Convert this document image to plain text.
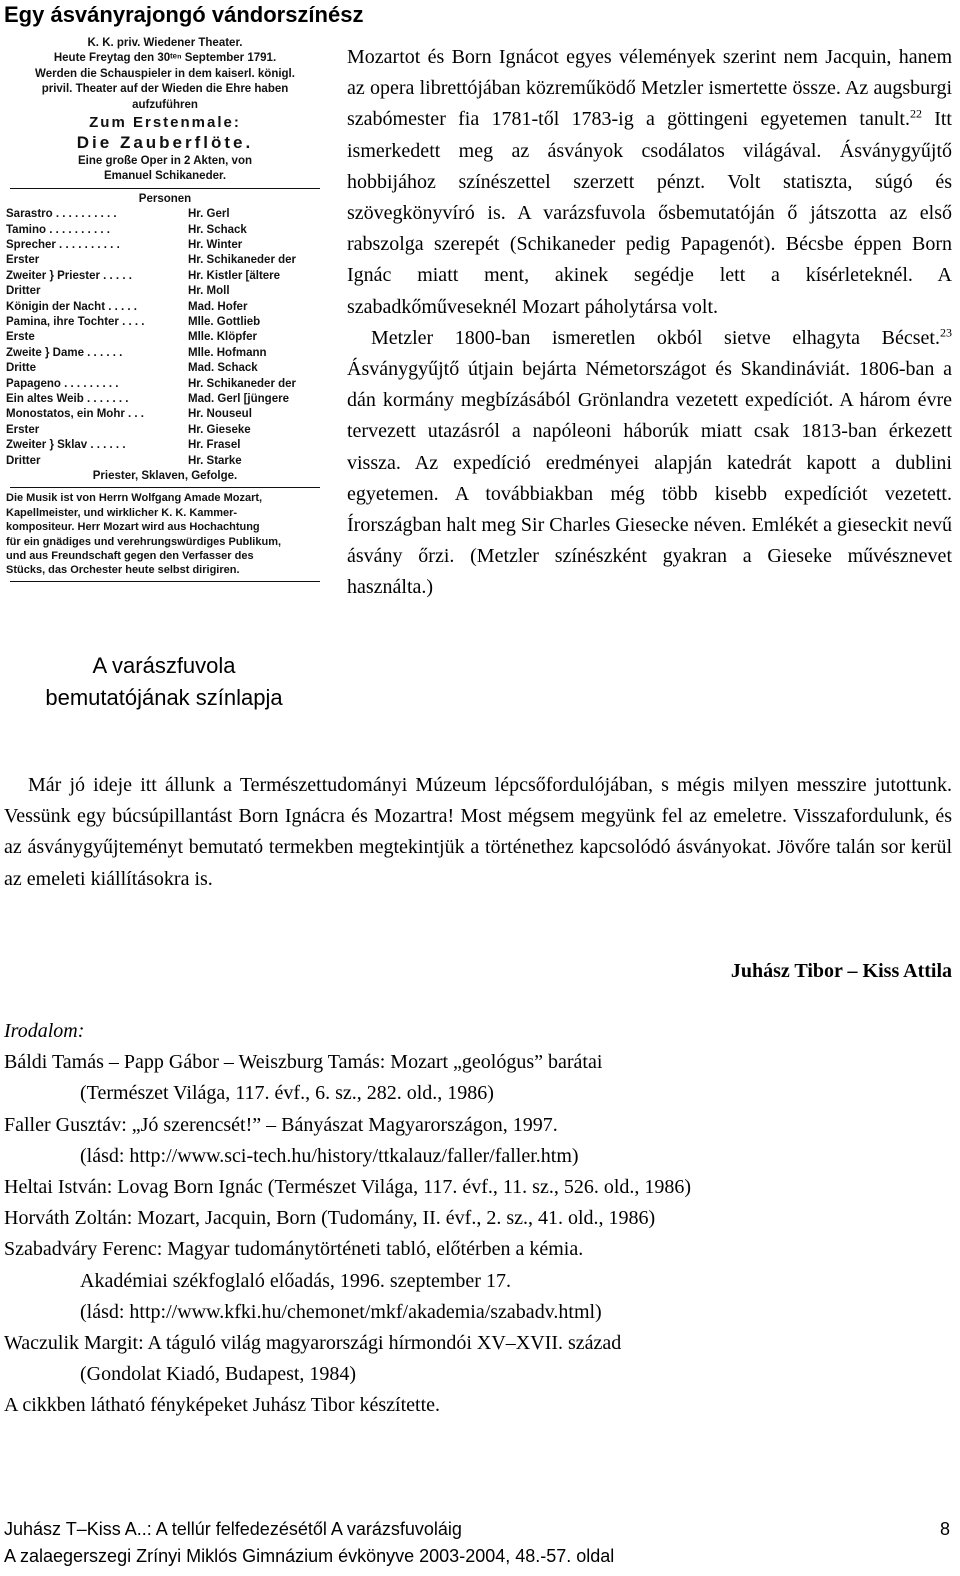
Egy ásványrajongó vándorszínész
K. K. priv. Wiedener Theater.
Heute Freytag den 30ᵗᵉⁿ September 1791.
Werden die Schauspieler in dem kaiserl. königl.
privil. Theater auf der Wieden die Ehre haben
aufzuführen
Zum Erstenmale:
Die Zauberflöte.
Eine große Oper in 2 Akten, von
Emanuel Schikaneder.
Personen
Sarastro . . . . . . . . . .	Hr. Gerl
Tamino . . . . . . . . . .	Hr. Schack
Sprecher . . . . . . . . . .	Hr. Winter
Erster	Hr. Schikaneder der
Zweiter } Priester . . . . .	Hr. Kistler [ältere
Dritter	Hr. Moll
Königin der Nacht . . . . .	Mad. Hofer
Pamina, ihre Tochter . . . .	Mlle. Gottlieb
Erste	Mlle. Klöpfer
Zweite } Dame . . . . . .	Mlle. Hofmann
Dritte	Mad. Schack
Papageno . . . . . . . . .	Hr. Schikaneder der
Ein altes Weib . . . . . . .	Mad. Gerl [jüngere
Monostatos, ein Mohr . . .	Hr. Nouseul
Erster	Hr. Gieseke
Zweiter } Sklav . . . . . .	Hr. Frasel
Dritter	Hr. Starke
Priester, Sklaven, Gefolge.
Die Musik ist von Herrn Wolfgang Amade Mozart,
Kapellmeister, und wirklicher K. K. Kammer-
kompositeur. Herr Mozart wird aus Hochachtung
für ein gnädiges und verehrungswürdiges Publikum,
und aus Freundschaft gegen den Verfasser des
Stücks, das Orchester heute selbst dirigiren.
A varászfuvola
bemutatójának színlapja

Mozartot és Born Ignácot egyes vélemények szerint nem Jacquin, hanem az opera librettójában közreműködő Metzler ismertette össze. Az augsburgi szabómester fia 1781-től 1783-ig a göttingeni egyetemen tanult.$^{22}$ Itt ismerkedett meg az ásványok csodálatos világával. Ásványgyűjtő hobbijához színészettel szerzett pénzt. Volt statiszta, súgó és szövegkönyvíró is. A varázsfuvola ősbemutatóján ő játszotta az első rabszolga szerepét (Schikaneder pedig Papagenót). Bécsbe éppen Born Ignác miatt ment, akinek segédje lett a kísérleteknél. A szabadkőműveseknél Mozart páholytársa volt.

Metzler 1800-ban ismeretlen okból sietve elhagyta Bécset.$^{23}$ Ásványgyűjtő útjain bejárta Németországot és Skandináviát. 1806-ban a dán kormány megbízásából Grönlandra vezetett expedíciót. A három évre tervezett utazásról a napóleoni háborúk miatt csak 1813-ban érkezett vissza. Az expedíció eredményei alapján katedrát kapott a dublini egyetemen. A továbbiakban még több kisebb expedíciót vezetett. Írországban halt meg Sir Charles Giesecke néven. Emlékét a gieseckit nevű ásvány őrzi. (Metzler színészként gyakran a Gieseke művésznevet használta.)

Már jó ideje itt állunk a Természettudományi Múzeum lépcsőfordulójában, s mégis milyen messzire jutottunk. Vessünk egy búcsúpillantást Born Ignácra és Mozartra! Most mégsem megyünk fel az emeletre. Visszafordulunk, és az ásványgyűjteményt bemutató termekben megtekintjük a történethez kapcsolódó ásványokat. Jövőre talán sor kerül az emeleti kiállításokra is.
Juhász Tibor – Kiss Attila
Irodalom:
Báldi Tamás – Papp Gábor – Weiszburg Tamás: Mozart „geológus” barátai
(Természet Világa, 117. évf., 6. sz., 282. old., 1986)
Faller Gusztáv: „Jó szerencsét!” – Bányászat Magyarországon, 1997.
(lásd: http://www.sci-tech.hu/history/ttkalauz/faller/faller.htm)
Heltai István: Lovag Born Ignác (Természet Világa, 117. évf., 11. sz., 526. old., 1986)
Horváth Zoltán: Mozart, Jacquin, Born (Tudomány, II. évf., 2. sz., 41. old., 1986)
Szabadváry Ferenc: Magyar tudománytörténeti tabló, előtérben a kémia.
Akadémiai székfoglaló előadás, 1996. szeptember 17.
(lásd: http://www.kfki.hu/chemonet/mkf/akademia/szabadv.html)
Waczulik Margit: A táguló világ magyarországi hírmondói XV–XVII. század
(Gondolat Kiadó, Budapest, 1984)
A cikkben látható fényképeket Juhász Tibor készítette.
Juhász T–Kiss A..: A tellúr felfedezésétől A varázsfuvoláig	8
A zalaegerszegi Zrínyi Miklós Gimnázium évkönyve 2003-2004, 48.-57. oldal
